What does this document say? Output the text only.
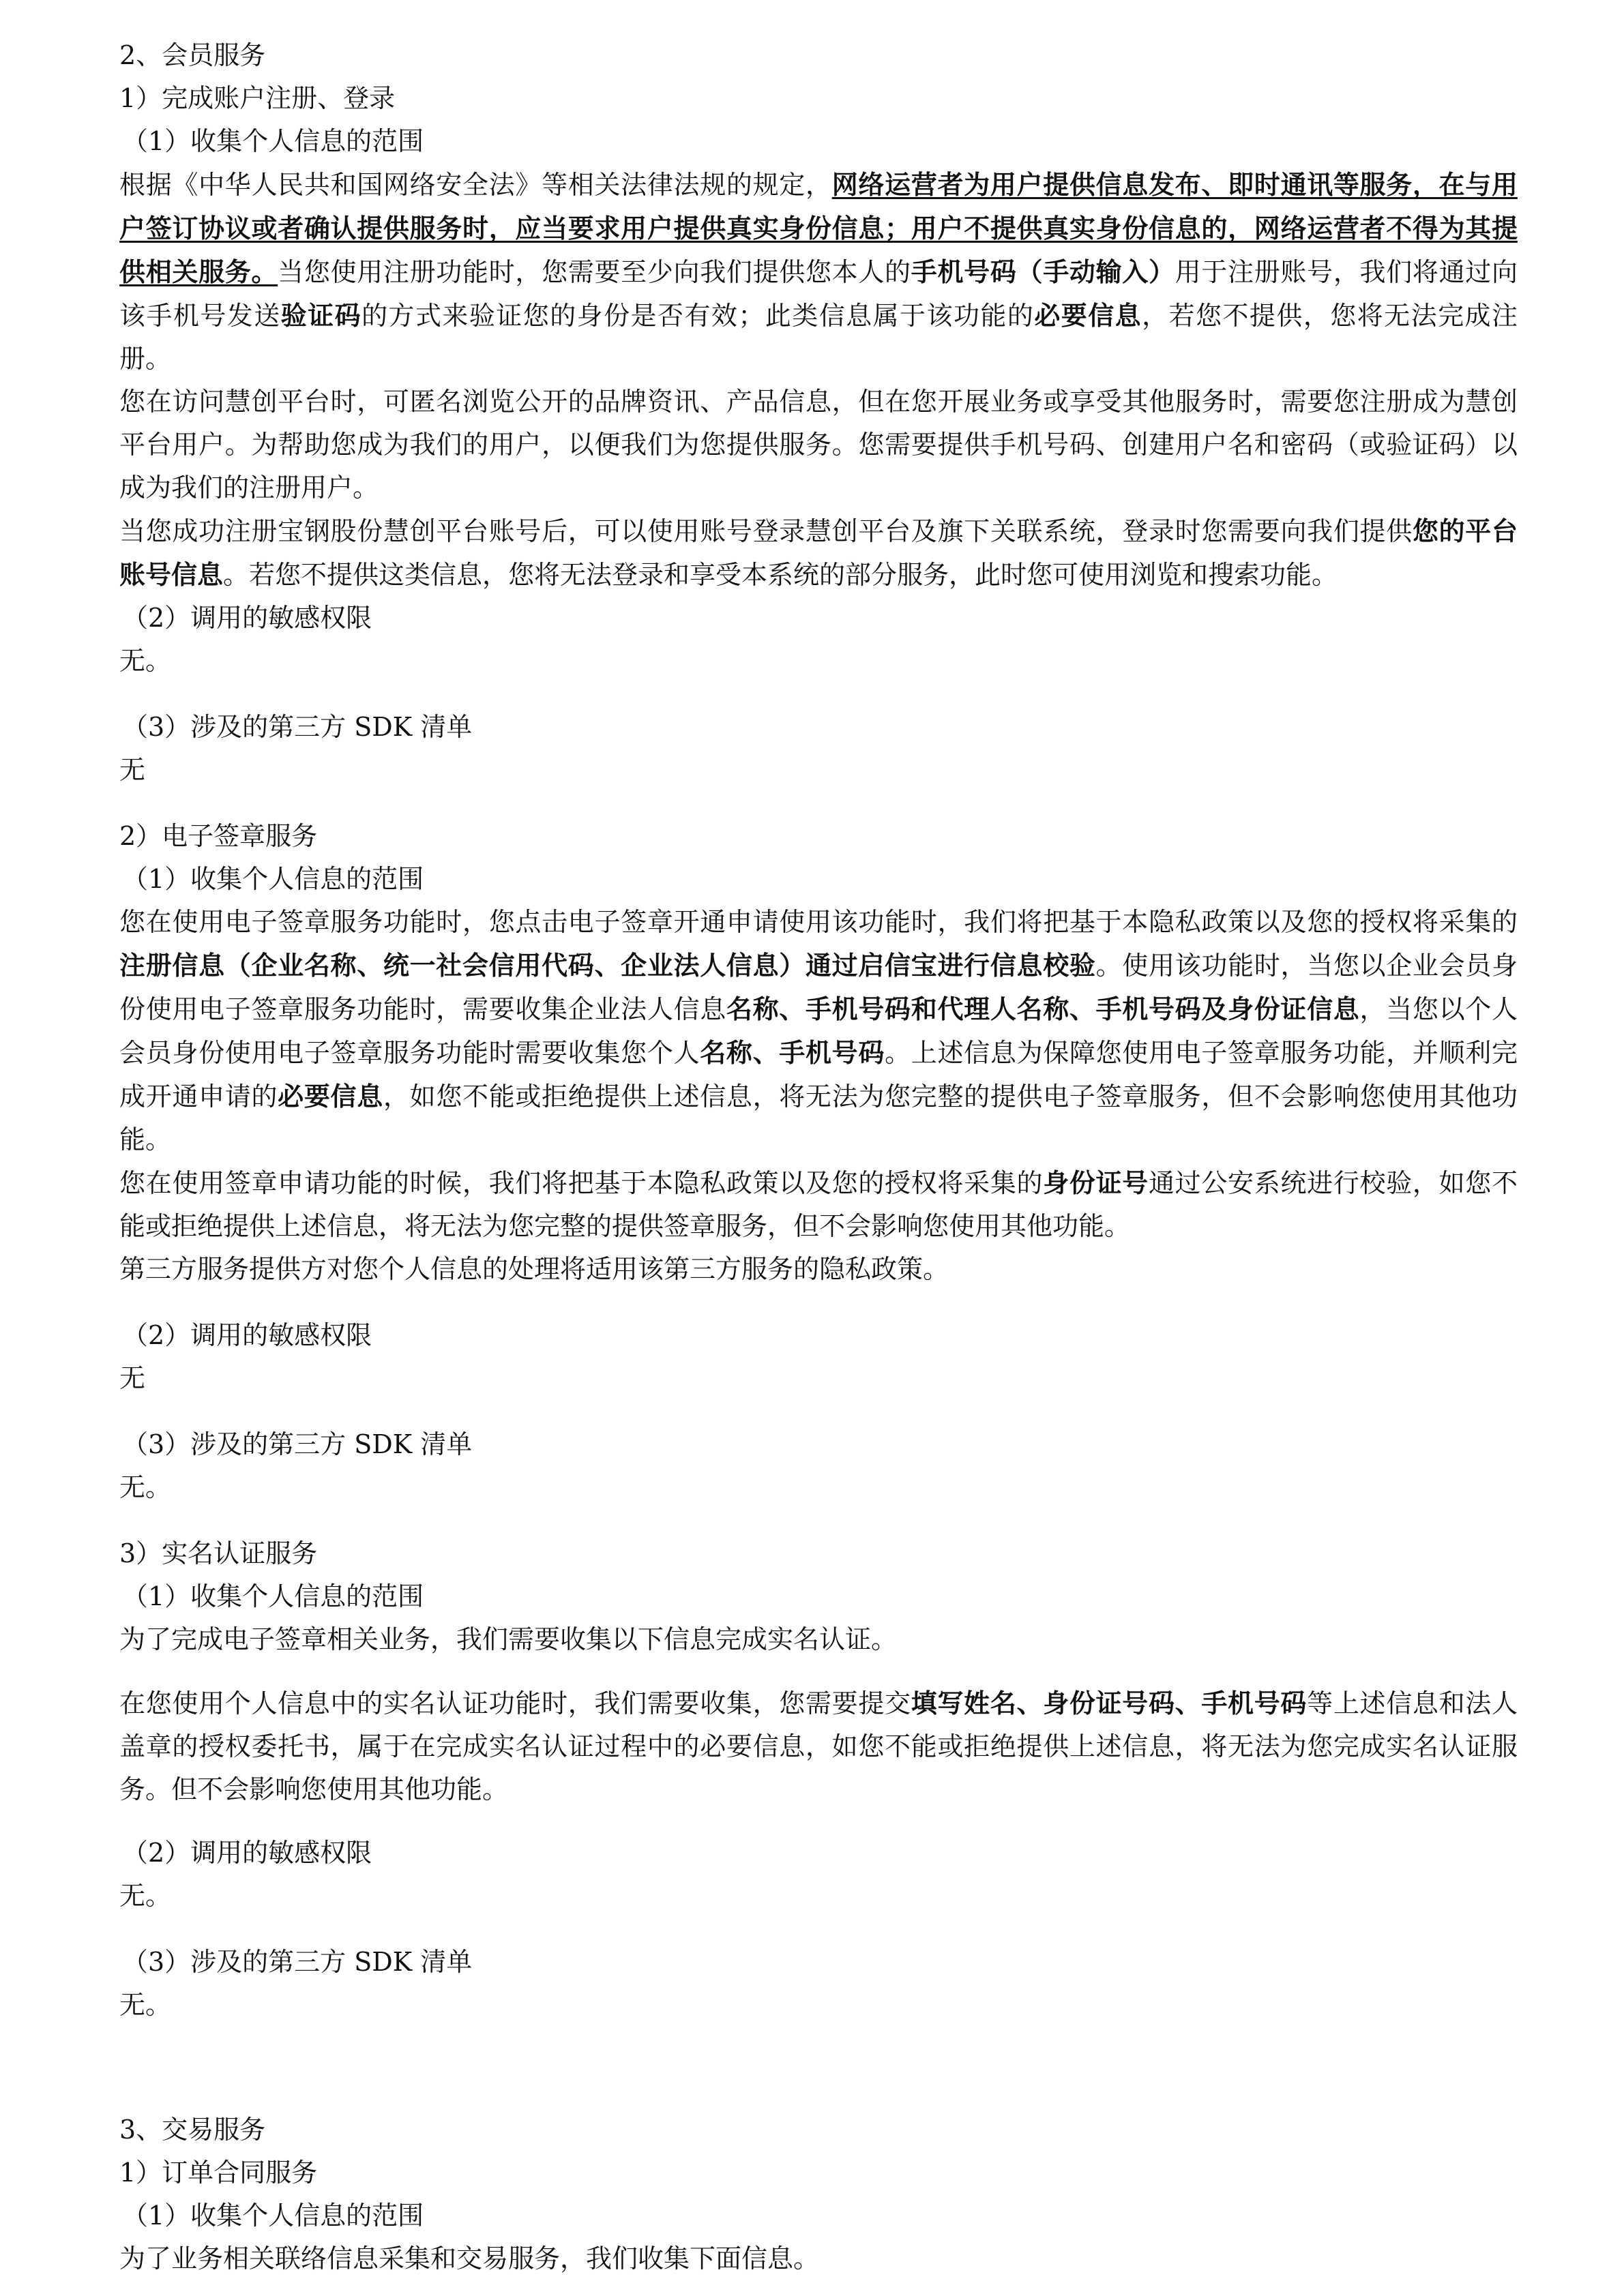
2、会员服务

1）完成账户注册、登录

（1）收集个人信息的范围

根据《中华人民共和国网络安全法》等相关法律法规的规定，网络运营者为用户提供信息发布、即时通讯等服务，在与用户签订协议或者确认提供服务时，应当要求用户提供真实身份信息；用户不提供真实身份信息的，网络运营者不得为其提供相关服务。当您使用注册功能时，您需要至少向我们提供您本人的手机号码（手动输入）用于注册账号，我们将通过向该手机号发送验证码的方式来验证您的身份是否有效；此类信息属于该功能的必要信息，若您不提供，您将无法完成注册。

您在访问慧创平台时，可匿名浏览公开的品牌资讯、产品信息，但在您开展业务或享受其他服务时，需要您注册成为慧创平台用户。为帮助您成为我们的用户，以便我们为您提供服务。您需要提供手机号码、创建用户名和密码（或验证码）以成为我们的注册用户。

当您成功注册宝钢股份慧创平台账号后，可以使用账号登录慧创平台及旗下关联系统，登录时您需要向我们提供您的平台账号信息。若您不提供这类信息，您将无法登录和享受本系统的部分服务，此时您可使用浏览和搜索功能。

（2）调用的敏感权限

无。

（3）涉及的第三方 SDK 清单

无

2）电子签章服务

（1）收集个人信息的范围

您在使用电子签章服务功能时，您点击电子签章开通申请使用该功能时，我们将把基于本隐私政策以及您的授权将采集的注册信息（企业名称、统一社会信用代码、企业法人信息）通过启信宝进行信息校验。使用该功能时，当您以企业会员身份使用电子签章服务功能时，需要收集企业法人信息名称、手机号码和代理人名称、手机号码及身份证信息，当您以个人会员身份使用电子签章服务功能时需要收集您个人名称、手机号码。上述信息为保障您使用电子签章服务功能，并顺利完成开通申请的必要信息，如您不能或拒绝提供上述信息，将无法为您完整的提供电子签章服务，但不会影响您使用其他功能。

您在使用签章申请功能的时候，我们将把基于本隐私政策以及您的授权将采集的身份证号通过公安系统进行校验，如您不能或拒绝提供上述信息，将无法为您完整的提供签章服务，但不会影响您使用其他功能。

第三方服务提供方对您个人信息的处理将适用该第三方服务的隐私政策。

（2）调用的敏感权限

无

（3）涉及的第三方 SDK 清单

无。

3）实名认证服务

（1）收集个人信息的范围

为了完成电子签章相关业务，我们需要收集以下信息完成实名认证。

在您使用个人信息中的实名认证功能时，我们需要收集，您需要提交填写姓名、身份证号码、手机号码等上述信息和法人盖章的授权委托书，属于在完成实名认证过程中的必要信息，如您不能或拒绝提供上述信息，将无法为您完成实名认证服务。但不会影响您使用其他功能。

（2）调用的敏感权限

无。

（3）涉及的第三方 SDK 清单

无。

3、交易服务

1）订单合同服务

（1）收集个人信息的范围

为了业务相关联络信息采集和交易服务，我们收集下面信息。
